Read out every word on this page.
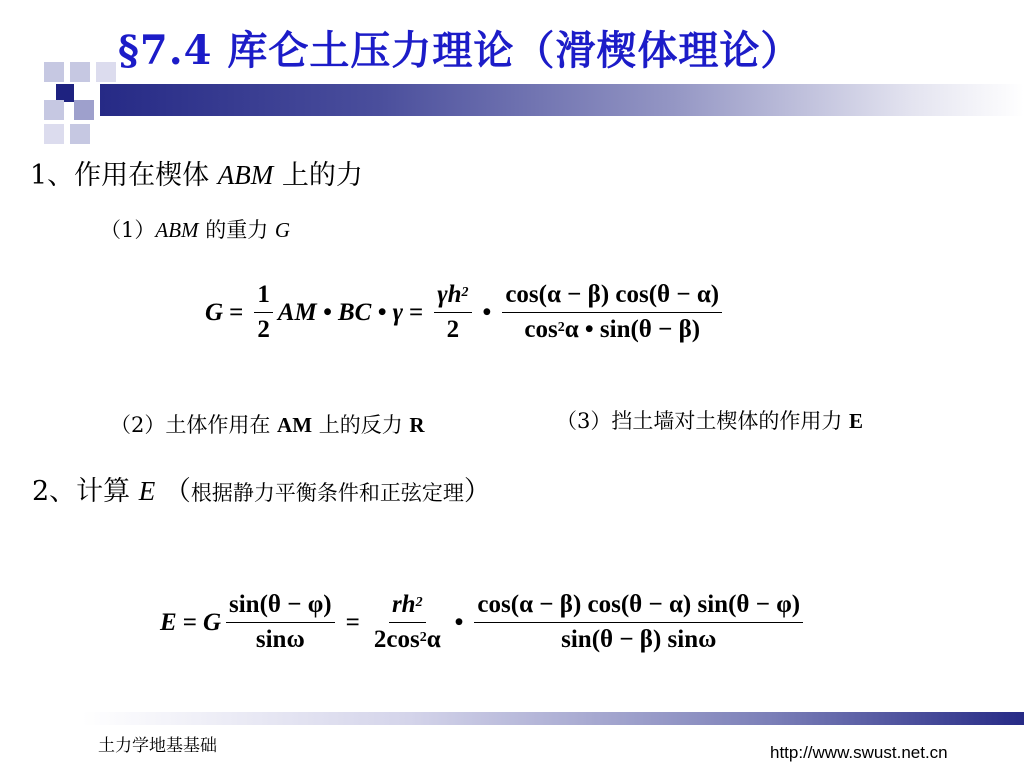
§7.4 库仑土压力理论（滑楔体理论）
1、作用在楔体 ABM 上的力
（1）ABM 的重力 G
$G = \frac{1}{2}$ AM • BC • $\gamma = \frac{\gamma h^2}{2}$ • $\frac{\cos(\alpha - \beta) \cos(\theta - \alpha)}{\cos^2 \alpha • \sin(\theta - \beta)}$
（2）土体作用在 AM 上的反力 R	（3）挡土墙对土楔体的作用力 E
2、计算 E （根据静力平衡条件和正弦定理）
E = G $\frac{\sin(\theta - \varphi)}{\sin\omega} = \frac{rh^2}{2\cos^2 \alpha}$ • $\frac{\cos(\alpha - \beta) \cos(\theta - \alpha) \sin(\theta - \varphi)}{\sin(\theta - \beta) \sin\omega}$
土力学地基基础	http://www.swust.net.cn
